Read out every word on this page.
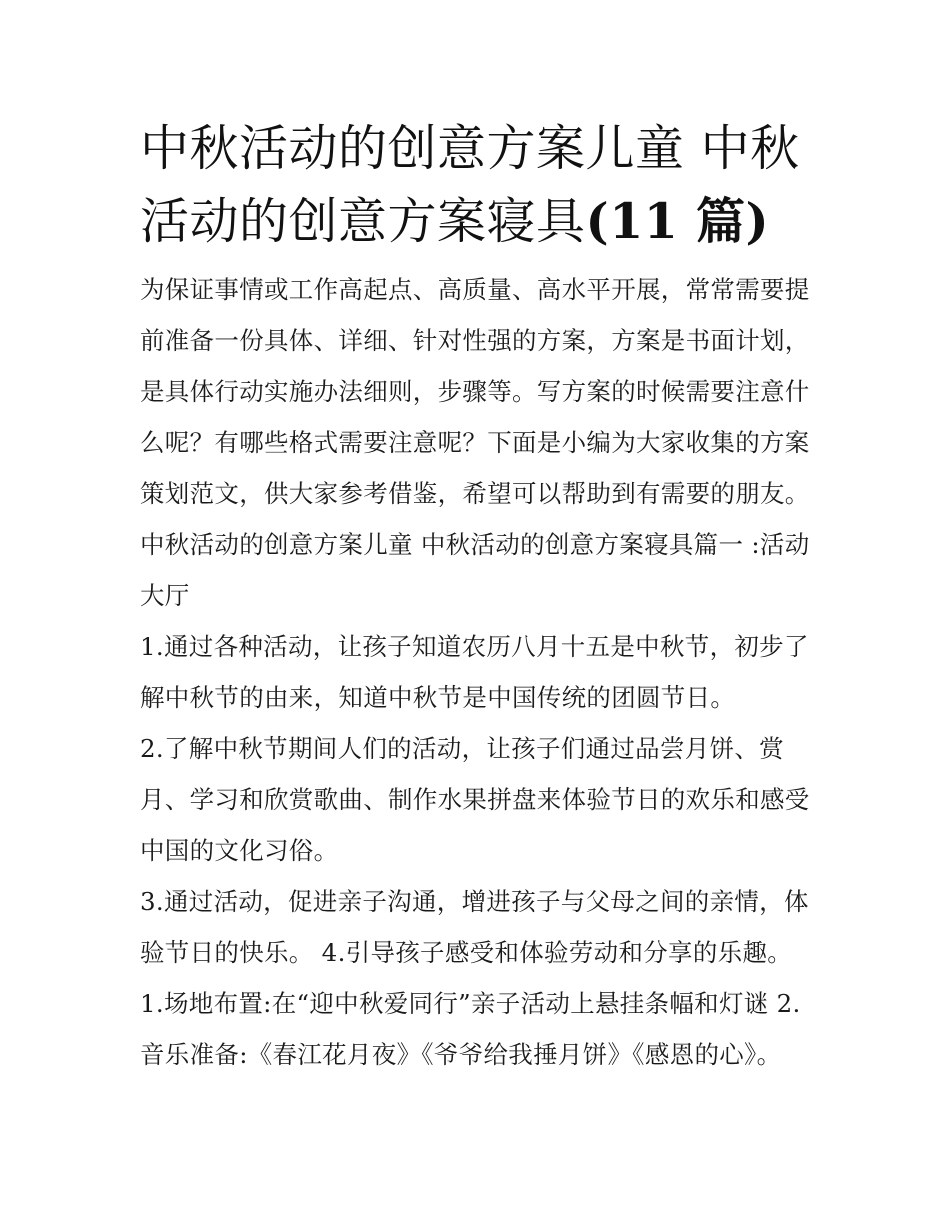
中秋活动的创意方案儿童 中秋活动的创意方案寝具(11 篇)

为保证事情或工作高起点、高质量、高水平开展，常常需要提前准备一份具体、详细、针对性强的方案，方案是书面计划，是具体行动实施办法细则，步骤等。写方案的时候需要注意什么呢？有哪些格式需要注意呢？下面是小编为大家收集的方案策划范文，供大家参考借鉴，希望可以帮助到有需要的朋友。

中秋活动的创意方案儿童 中秋活动的创意方案寝具篇一 :活动大厅

1.通过各种活动，让孩子知道农历八月十五是中秋节，初步了解中秋节的由来，知道中秋节是中国传统的团圆节日。

2.了解中秋节期间人们的活动，让孩子们通过品尝月饼、赏月、学习和欣赏歌曲、制作水果拼盘来体验节日的欢乐和感受中国的文化习俗。

3.通过活动，促进亲子沟通，增进孩子与父母之间的亲情，体验节日的快乐。 4.引导孩子感受和体验劳动和分享的乐趣。

1.场地布置:在“迎中秋爱同行”亲子活动上悬挂条幅和灯谜 2.音乐准备:《春江花月夜》《爷爷给我捶月饼》《感恩的心》。
